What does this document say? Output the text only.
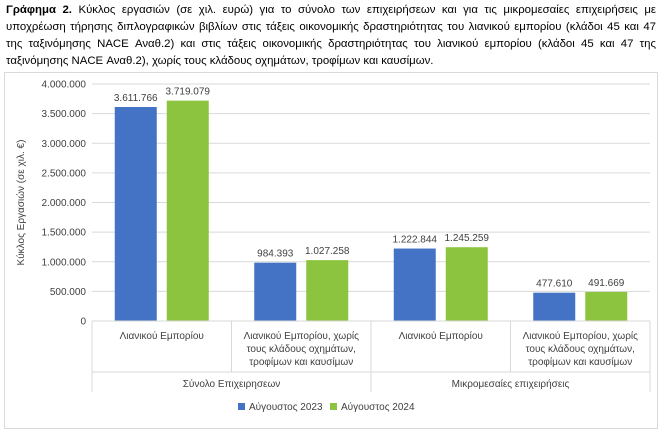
Γράφημα 2. Κύκλος εργασιών (σε χιλ. ευρώ) για το σύνολο των επιχειρήσεων και για τις μικρομεσαίες επιχειρήσεις με υποχρέωση τήρησης διπλογραφικών βιβλίων στις τάξεις οικονομικής δραστηριότητας του λιανικού εμπορίου (κλάδοι 45 και 47 της ταξινόμησης NACE Αναθ.2) και στις τάξεις οικονομικής δραστηριότητας του λιανικού εμπορίου (κλάδοι 45 και 47 της ταξινόμησης NACE Αναθ.2), χωρίς τους κλάδους οχημάτων, τροφίμων και καυσίμων.
0
500.000
1.000.000
1.500.000
2.000.000
2.500.000
3.000.000
3.500.000
4.000.000
Κύκλος Εργασιών (σε χιλ. €)
3.611.766
984.393
1.222.844
477.610
3.719.079
1.027.258
1.245.259
491.669
Λιανικού Εμπορίου	Λιανικού Εμπορίου, χωρίς
τους κλάδους οχημάτων,
τροφίμων και καυσίμων
Λιανικού Εμπορίου	Λιανικού Εμπορίου, χωρίς
τους κλάδους οχημάτων,
τροφίμων και καυσίμων
Σύνολο Επιχειρησεων	Μικρομεσαίες επιχειρήσεις
Αύγουστος 2023 Αύγουστος 2024
